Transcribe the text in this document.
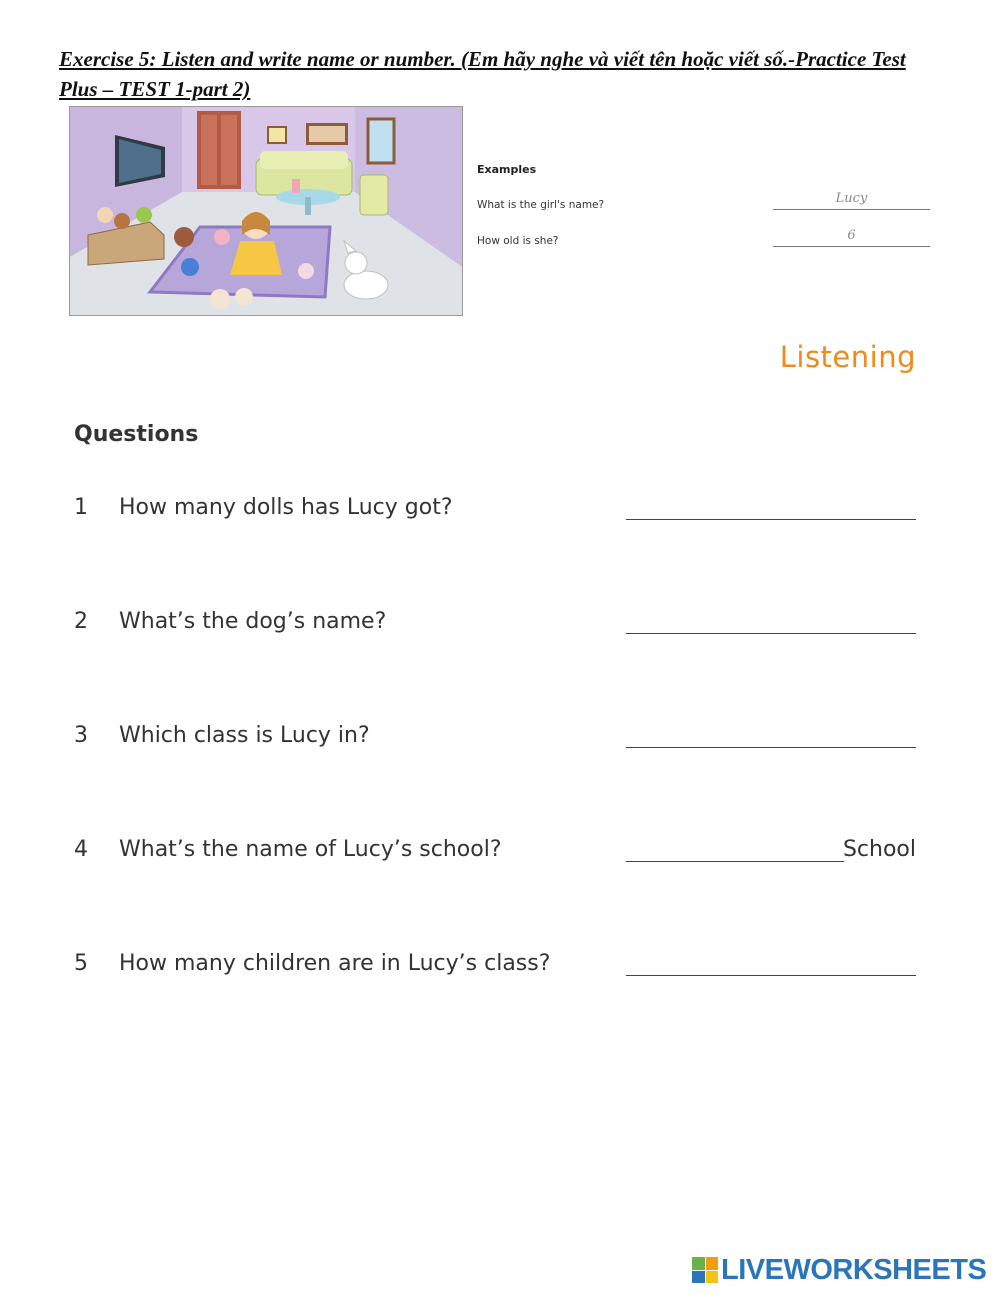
Exercise 5: Listen and write name or number. (Em hãy nghe và viết tên hoặc viết số.-Practice Test Plus – TEST 1-part 2)
Examples
What is the girl's name?	Lucy
How old is she?	6
Listening
Questions
1 How many dolls has Lucy got?
2 What’s the dog’s name?
3 Which class is Lucy in?
4 What’s the name of Lucy’s school?	School
5 How many children are in Lucy’s class?
LIVEWORKSHEETS
